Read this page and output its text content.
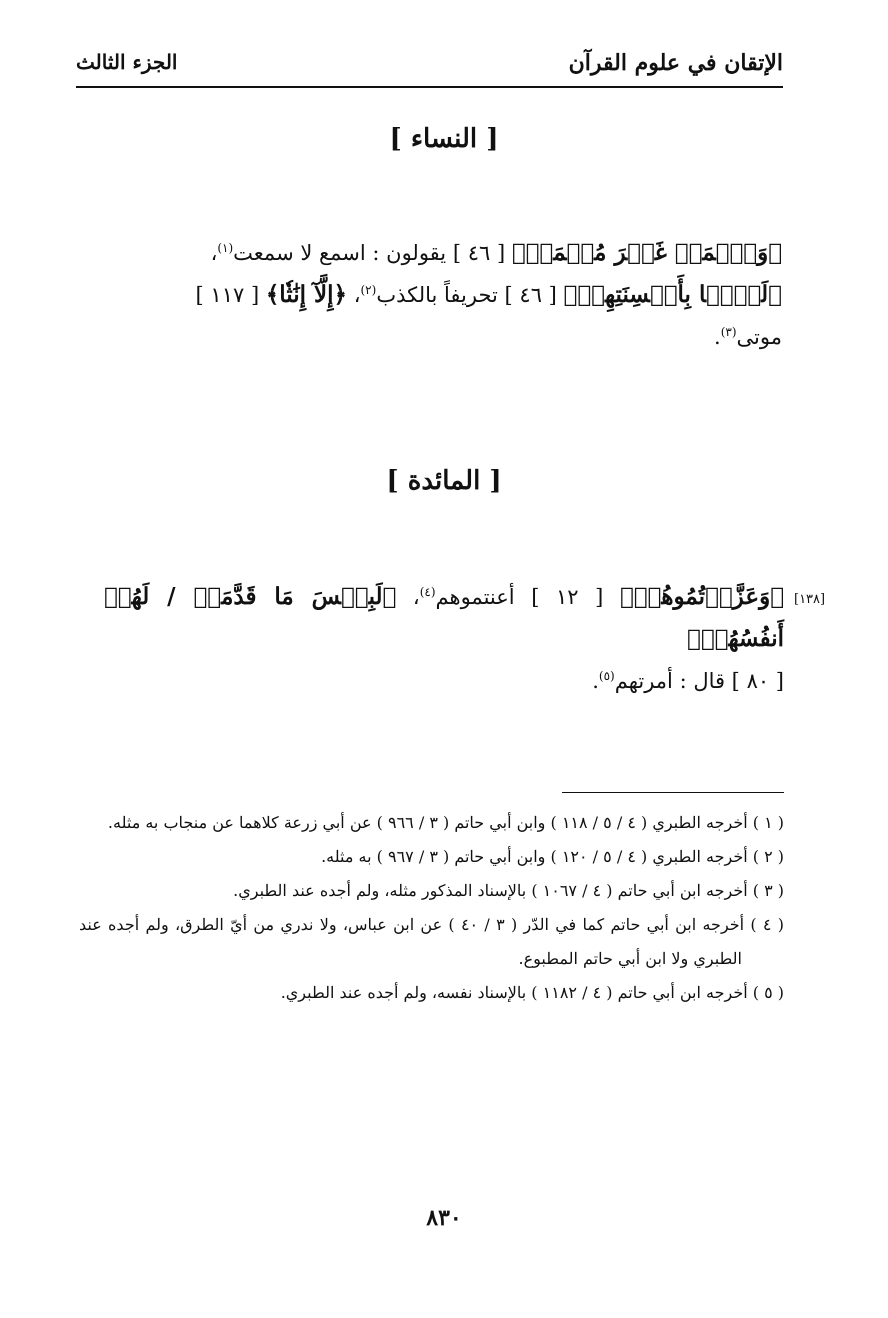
الإتقان في علوم القرآن
الجزء الثالث
[ النساء ]

﴿وَٱسۡمَعۡ غَيۡرَ مُسۡمَعٖ﴾ [ ٤٦ ] يقولون : اسمع لا سمعت$^{(١)}$،

﴿لَيَّۢا بِأَلۡسِنَتِهِمۡ﴾ [ ٤٦ ] تحريفاً بالكذب$^{(٢)}$، ﴿إِلَّآ إِنَٰثٗا﴾ [ ١١٧ ]

موتى$^{(٣)}$.

[ المائدة ]
[١٣٨]

﴿وَعَزَّرۡتُمُوهُمۡ﴾ [ ١٢ ] أعنتموهم$^{(٤)}$، ﴿لَبِئۡسَ مَا قَدَّمَتۡ / لَهُمۡ أَنفُسُهُمۡ﴾

[ ٨٠ ] قال : أمرتهم$^{(٥)}$.

( ١ ) أخرجه الطبري ( ٤ / ٥ / ١١٨ ) وابن أبي حاتم ( ٣ / ٩٦٦ ) عن أبي زرعة كلاهما عن منجاب به مثله.
( ٢ ) أخرجه الطبري ( ٤ / ٥ / ١٢٠ ) وابن أبي حاتم ( ٣ / ٩٦٧ ) به مثله.
( ٣ ) أخرجه ابن أبي حاتم ( ٤ / ١٠٦٧ ) بالإسناد المذكور مثله، ولم أجده عند الطبري.
( ٤ ) أخرجه ابن أبي حاتم كما في الدّر ( ٣ / ٤٠ ) عن ابن عباس، ولا ندري من أيّ الطرق، ولم أجده عند الطبري ولا ابن أبي حاتم المطبوع.
( ٥ ) أخرجه ابن أبي حاتم ( ٤ / ١١٨٢ ) بالإسناد نفسه، ولم أجده عند الطبري.
٨٣٠
